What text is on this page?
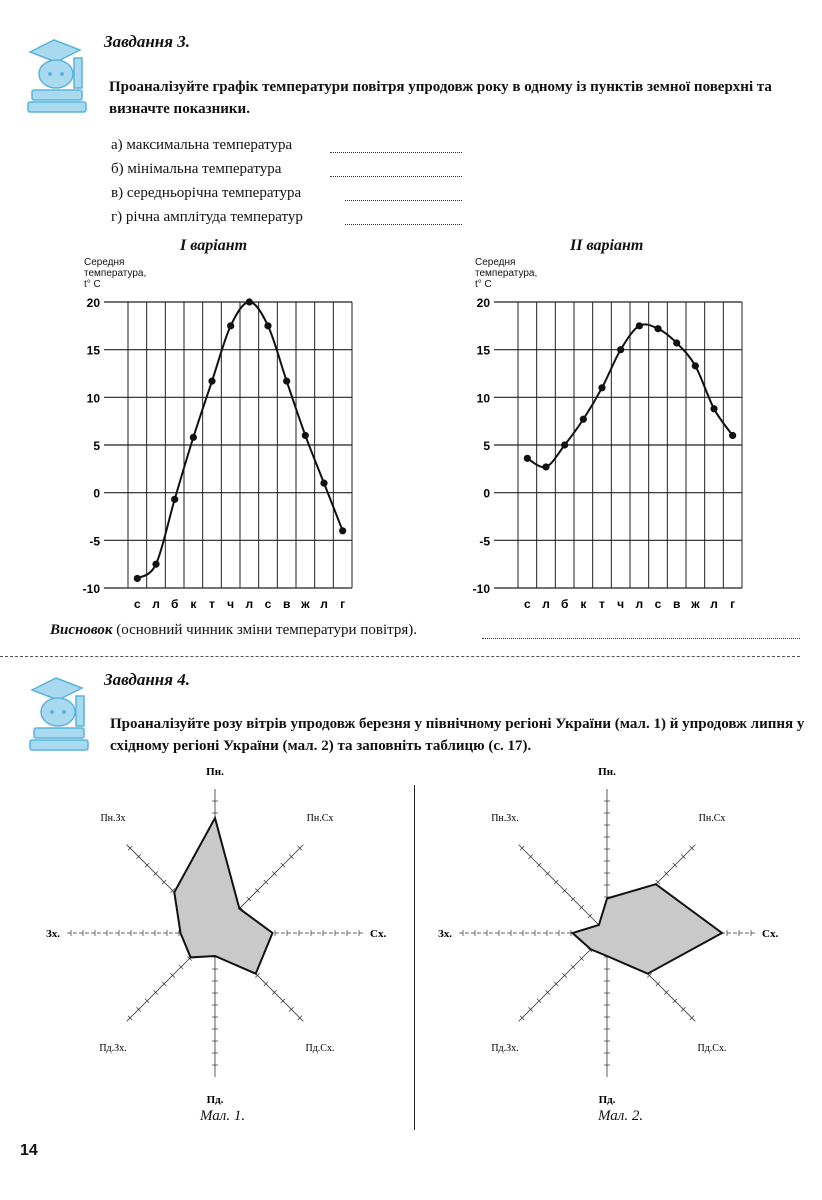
Завдання 3.
Проаналізуйте графік температури повітря упродовж року в одному із пунктів земної поверхні та визначте показники.
а) максимальна температура
б) мінімальна температура
в) середньорічна температура
г) річна амплітуда температур
І варіант	ІІ варіант
Середня
температура,
t° C
Середня
температура,
t° C
20
15
10
5
0
-5
-10
с л б к т ч л с в ж л г
20
15
10
5
0
-5
-10
с л б к т ч л с в ж л г
Висновок (основний чинник зміни температури повітря).
Завдання 4.
Проаналізуйте розу вітрів упродовж березня у північному регіоні України (мал. 1) й упродовж липня у східному регіоні України (мал. 2) та заповніть таблицю (с. 17).
Пн.
Пн.Сх
Сх.
Пд.Сх.
Пд.
Пд.Зх.
Зх.
Пн.Зх
Пн.
Пн.Сх
Сх.
Пд.Сх.
Пд.
Пд.Зх.
Зх.
Пн.Зх.
Мал. 1.	Мал. 2.
14
